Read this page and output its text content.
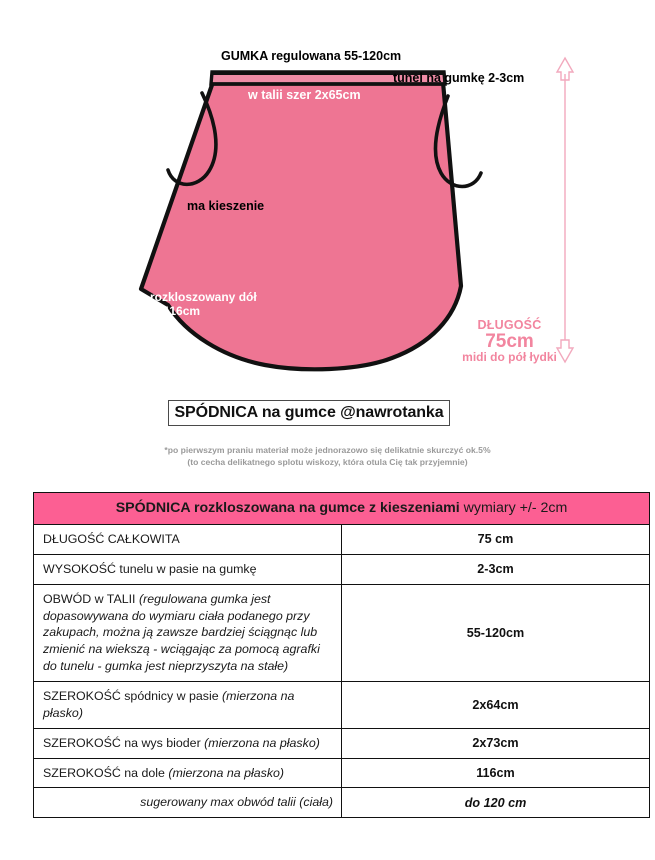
GUMKA regulowana 55-120cm
tunel na gumkę 2-3cm
w talii szer 2x65cm
ma kieszenie
rozkloszowany dół
2x116cm
DŁUGOŚĆ
75cm
midi do pół łydki
SPÓDNICA na gumce @nawrotanka
*po pierwszym praniu materiał może jednorazowo się delikatnie skurczyć ok.5%
(to cecha delikatnego splotu wiskozy, która otula Cię tak przyjemnie)
SPÓDNICA rozkloszowana na gumce z kieszeniami wymiary +/- 2cm	
DŁUGOŚĆ CAŁKOWITA	75 cm
WYSOKOŚĆ tunelu w pasie na gumkę	2-3cm
OBWÓD w TALII (regulowana gumka jest dopasowywana do wymiaru ciała podanego przy zakupach, można ją zawsze bardziej ściągnąc lub zmienić na wiekszą - wciągając za pomocą agrafki do tunelu - gumka jest nieprzyszyta na stałe)	55-120cm
SZEROKOŚĆ spódnicy w pasie (mierzona na płasko)	2x64cm
SZEROKOŚĆ na wys bioder (mierzona na płasko)	2x73cm
SZEROKOŚĆ na dole (mierzona na płasko)	116cm
sugerowany max obwód talii (ciała)	do 120 cm
